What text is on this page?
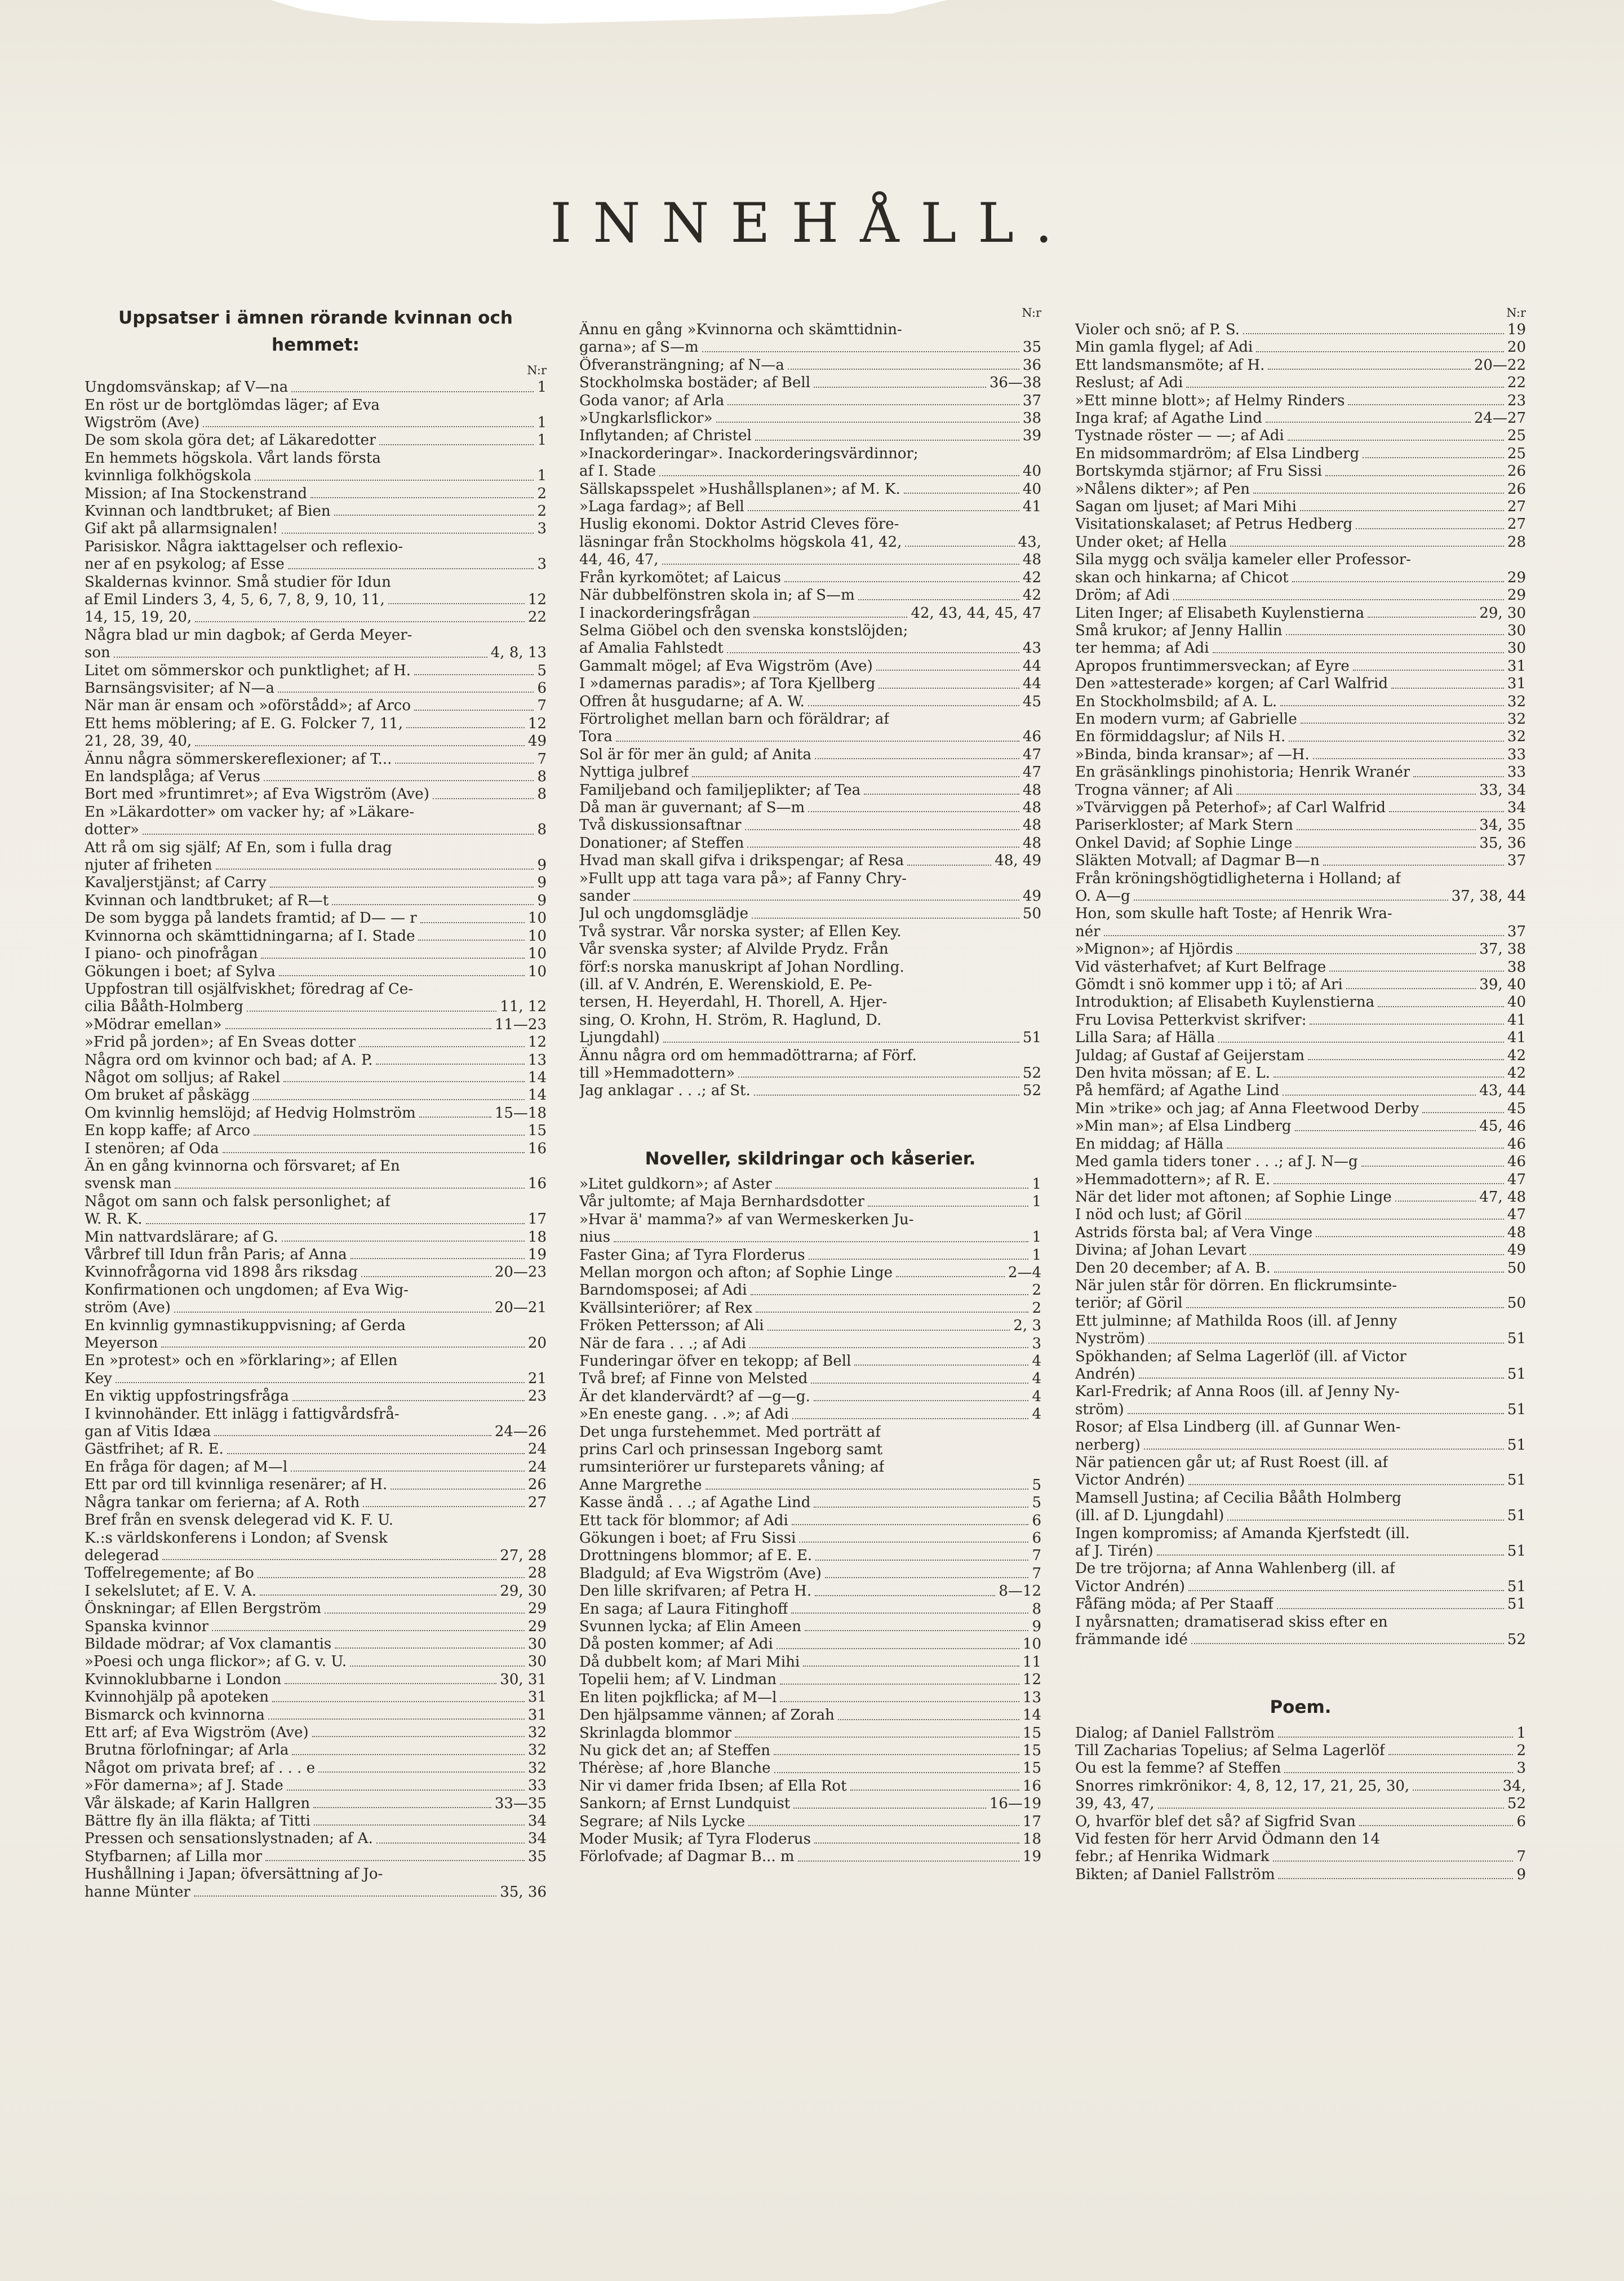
INNEHÅLL.
Uppsatser i ämnen rörande kvinnan och hemmet:
N:r
Ungdomsvänskap; af V—na	1
En röst ur de bortglömdas läger; af Eva
Wigström (Ave)	1
De som skola göra det; af Läkaredotter	1
En hemmets högskola. Vårt lands första
kvinnliga folkhögskola	1
Mission; af Ina Stockenstrand	2
Kvinnan och landtbruket; af Bien	2
Gif akt på allarmsignalen!	3
Parisiskor. Några iakttagelser och reflexio-
ner af en psykolog; af Esse	3
Skaldernas kvinnor. Små studier för Idun
af Emil Linders 3, 4, 5, 6, 7, 8, 9, 10, 11,	12
14, 15, 19, 20,	22
Några blad ur min dagbok; af Gerda Meyer-
son	4, 8, 13
Litet om sömmerskor och punktlighet; af H.	5
Barnsängsvisiter; af N—a	6
När man är ensam och »oförstådd»; af Arco	7
Ett hems möblering; af E. G. Folcker 7, 11,	12
21, 28, 39, 40,	49
Ännu några sömmerskereflexioner; af T...	7
En landsplåga; af Verus	8
Bort med »fruntimret»; af Eva Wigström (Ave)	8
En »Läkardotter» om vacker hy; af »Läkare-
dotter»	8
Att rå om sig själf; Af En, som i fulla drag
njuter af friheten	9
Kavaljerstjänst; af Carry	9
Kvinnan och landtbruket; af R—t	9
De som bygga på landets framtid; af D— — r	10
Kvinnorna och skämttidningarna; af I. Stade	10
I piano- och pinofrågan	10
Gökungen i boet; af Sylva	10
Uppfostran till osjälfviskhet; föredrag af Ce-
cilia Bååth-Holmberg	11, 12
»Mödrar emellan»	11—23
»Frid på jorden»; af En Sveas dotter	12
Några ord om kvinnor och bad; af A. P.	13
Något om solljus; af Rakel	14
Om bruket af påskägg	14
Om kvinnlig hemslöjd; af Hedvig Holmström	15—18
En kopp kaffe; af Arco	15
I stenören; af Oda	16
Än en gång kvinnorna och försvaret; af En
svensk man	16
Något om sann och falsk personlighet; af
W. R. K.	17
Min nattvardslärare; af G.	18
Vårbref till Idun från Paris; af Anna	19
Kvinnofrågorna vid 1898 års riksdag	20—23
Konfirmationen och ungdomen; af Eva Wig-
ström (Ave)	20—21
En kvinnlig gymnastikuppvisning; af Gerda
Meyerson	20
En »protest» och en »förklaring»; af Ellen
Key	21
En viktig uppfostringsfråga	23
I kvinnohänder. Ett inlägg i fattigvårdsfrå-
gan af Vitis Idæa	24—26
Gästfrihet; af R. E.	24
En fråga för dagen; af M—l	24
Ett par ord till kvinnliga resenärer; af H.	26
Några tankar om ferierna; af A. Roth	27
Bref från en svensk delegerad vid K. F. U.
K.:s världskonferens i London; af Svensk
delegerad	27, 28
Toffelregemente; af Bo	28
I sekelslutet; af E. V. A.	29, 30
Önskningar; af Ellen Bergström	29
Spanska kvinnor	29
Bildade mödrar; af Vox clamantis	30
»Poesi och unga flickor»; af G. v. U.	30
Kvinnoklubbarne i London	30, 31
Kvinnohjälp på apoteken	31
Bismarck och kvinnorna	31
Ett arf; af Eva Wigström (Ave)	32
Brutna förlofningar; af Arla	32
Något om privata bref; af . . . e	32
»För damerna»; af J. Stade	33
Vår älskade; af Karin Hallgren	33—35
Bättre fly än illa fläkta; af Titti	34
Pressen och sensationslystnaden; af A.	34
Styfbarnen; af Lilla mor	35
Hushållning i Japan; öfversättning af Jo-
hanne Münter	35, 36
N:r
Ännu en gång »Kvinnorna och skämttidnin-
garna»; af S—m	35
Öfveransträngning; af N—a	36
Stockholmska bostäder; af Bell	36—38
Goda vanor; af Arla	37
»Ungkarlsflickor»	38
Inflytanden; af Christel	39
»Inackorderingar». Inackorderingsvärdinnor;
af I. Stade	40
Sällskapsspelet »Hushållsplanen»; af M. K.	40
»Laga fardag»; af Bell	41
Huslig ekonomi. Doktor Astrid Cleves före-
läsningar från Stockholms högskola 41, 42,	43,
44, 46, 47,	48
Från kyrkomötet; af Laicus	42
När dubbelfönstren skola in; af S—m	42
I inackorderingsfrågan	42, 43, 44, 45, 47
Selma Giöbel och den svenska konstslöjden;
af Amalia Fahlstedt	43
Gammalt mögel; af Eva Wigström (Ave)	44
I »damernas paradis»; af Tora Kjellberg	44
Offren åt husgudarne; af A. W.	45
Förtrolighet mellan barn och föräldrar; af
Tora	46
Sol är för mer än guld; af Anita	47
Nyttiga julbref	47
Familjeband och familjeplikter; af Tea	48
Då man är guvernant; af S—m	48
Två diskussionsaftnar	48
Donationer; af Steffen	48
Hvad man skall gifva i drikspengar; af Resa	48, 49
»Fullt upp att taga vara på»; af Fanny Chry-
sander	49
Jul och ungdomsglädje	50
Två systrar. Vår norska syster; af Ellen Key.
Vår svenska syster; af Alvilde Prydz. Från
förf:s norska manuskript af Johan Nordling.
(ill. af V. Andrén, E. Werenskiold, E. Pe-
tersen, H. Heyerdahl, H. Thorell, A. Hjer-
sing, O. Krohn, H. Ström, R. Haglund, D.
Ljungdahl)	51
Ännu några ord om hemmadöttrarna; af Förf.
till »Hemmadottern»	52
Jag anklagar . . .; af St.	52
Noveller, skildringar och kåserier.
»Litet guldkorn»; af Aster	1
Vår jultomte; af Maja Bernhardsdotter	1
»Hvar ä' mamma?» af van Wermeskerken Ju-
nius	1
Faster Gina; af Tyra Florderus	1
Mellan morgon och afton; af Sophie Linge	2—4
Barndomsposei; af Adi	2
Kvällsinteriörer; af Rex	2
Fröken Pettersson; af Ali	2, 3
När de fara . . .; af Adi	3
Funderingar öfver en tekopp; af Bell	4
Två bref; af Finne von Melsted	4
Är det klandervärdt? af —g—g.	4
»En eneste gang. . .»; af Adi	4
Det unga furstehemmet. Med porträtt af
prins Carl och prinsessan Ingeborg samt
rumsinteriörer ur fursteparets våning; af
Anne Margrethe	5
Kasse ändå . . .; af Agathe Lind	5
Ett tack för blommor; af Adi	6
Gökungen i boet; af Fru Sissi	6
Drottningens blommor; af E. E.	7
Bladguld; af Eva Wigström (Ave)	7
Den lille skrifvaren; af Petra H.	8—12
En saga; af Laura Fitinghoff	8
Svunnen lycka; af Elin Ameen	9
Då posten kommer; af Adi	10
Då dubbelt kom; af Mari Mihi	11
Topelii hem; af V. Lindman	12
En liten pojkflicka; af M—l	13
Den hjälpsamme vännen; af Zorah	14
Skrinlagda blommor	15
Nu gick det an; af Steffen	15
Thérèse; af ,hore Blanche	15
Nir vi damer frida Ibsen; af Ella Rot	16
Sankorn; af Ernst Lundquist	16—19
Segrare; af Nils Lycke	17
Moder Musik; af Tyra Floderus	18
Förlofvade; af Dagmar B... m	19
N:r
Violer och snö; af P. S.	19
Min gamla flygel; af Adi	20
Ett landsmansmöte; af H.	20—22
Reslust; af Adi	22
»Ett minne blott»; af Helmy Rinders	23
Inga kraf; af Agathe Lind	24—27
Tystnade röster — —; af Adi	25
En midsommardröm; af Elsa Lindberg	25
Bortskymda stjärnor; af Fru Sissi	26
»Nålens dikter»; af Pen	26
Sagan om ljuset; af Mari Mihi	27
Visitationskalaset; af Petrus Hedberg	27
Under oket; af Hella	28
Sila mygg och svälja kameler eller Professor-
skan och hinkarna; af Chicot	29
Dröm; af Adi	29
Liten Inger; af Elisabeth Kuylenstierna	29, 30
Små krukor; af Jenny Hallin	30
ter hemma; af Adi	30
Apropos fruntimmersveckan; af Eyre	31
Den »attesterade» korgen; af Carl Walfrid	31
En Stockholmsbild; af A. L.	32
En modern vurm; af Gabrielle	32
En förmiddagslur; af Nils H.	32
»Binda, binda kransar»; af —H.	33
En gräsänklings pinohistoria; Henrik Wranér	33
Trogna vänner; af Ali	33, 34
»Tvärviggen på Peterhof»; af Carl Walfrid	34
Pariserkloster; af Mark Stern	34, 35
Onkel David; af Sophie Linge	35, 36
Släkten Motvall; af Dagmar B—n	37
Från kröningshögtidligheterna i Holland; af
O. A—g	37, 38, 44
Hon, som skulle haft Toste; af Henrik Wra-
nér	37
»Mignon»; af Hjördis	37, 38
Vid västerhafvet; af Kurt Belfrage	38
Gömdt i snö kommer upp i tö; af Ari	39, 40
Introduktion; af Elisabeth Kuylenstierna	40
Fru Lovisa Petterkvist skrifver:	41
Lilla Sara; af Hälla	41
Juldag; af Gustaf af Geijerstam	42
Den hvita mössan; af E. L.	42
På hemfärd; af Agathe Lind	43, 44
Min »trike» och jag; af Anna Fleetwood Derby	45
»Min man»; af Elsa Lindberg	45, 46
En middag; af Hälla	46
Med gamla tiders toner . . .; af J. N—g	46
»Hemmadottern»; af R. E.	47
När det lider mot aftonen; af Sophie Linge	47, 48
I nöd och lust; af Göril	47
Astrids första bal; af Vera Vinge	48
Divina; af Johan Levart	49
Den 20 december; af A. B.	50
När julen står för dörren. En flickrumsinte-
teriör; af Göril	50
Ett julminne; af Mathilda Roos (ill. af Jenny
Nyström)	51
Spökhanden; af Selma Lagerlöf (ill. af Victor
Andrén)	51
Karl-Fredrik; af Anna Roos (ill. af Jenny Ny-
ström)	51
Rosor; af Elsa Lindberg (ill. af Gunnar Wen-
nerberg)	51
När patiencen går ut; af Rust Roest (ill. af
Victor Andrén)	51
Mamsell Justina; af Cecilia Bååth Holmberg
(ill. af D. Ljungdahl)	51
Ingen kompromiss; af Amanda Kjerfstedt (ill.
af J. Tirén)	51
De tre tröjorna; af Anna Wahlenberg (ill. af
Victor Andrén)	51
Fåfäng möda; af Per Staaff	51
I nyårsnatten; dramatiserad skiss efter en
främmande idé	52
Poem.
Dialog; af Daniel Fallström	1
Till Zacharias Topelius; af Selma Lagerlöf	2
Ou est la femme? af Steffen	3
Snorres rimkrönikor: 4, 8, 12, 17, 21, 25, 30,	34,
39, 43, 47,	52
O, hvarför blef det så? af Sigfrid Svan	6
Vid festen för herr Arvid Ödmann den 14
febr.; af Henrika Widmark	7
Bikten; af Daniel Fallström	9
